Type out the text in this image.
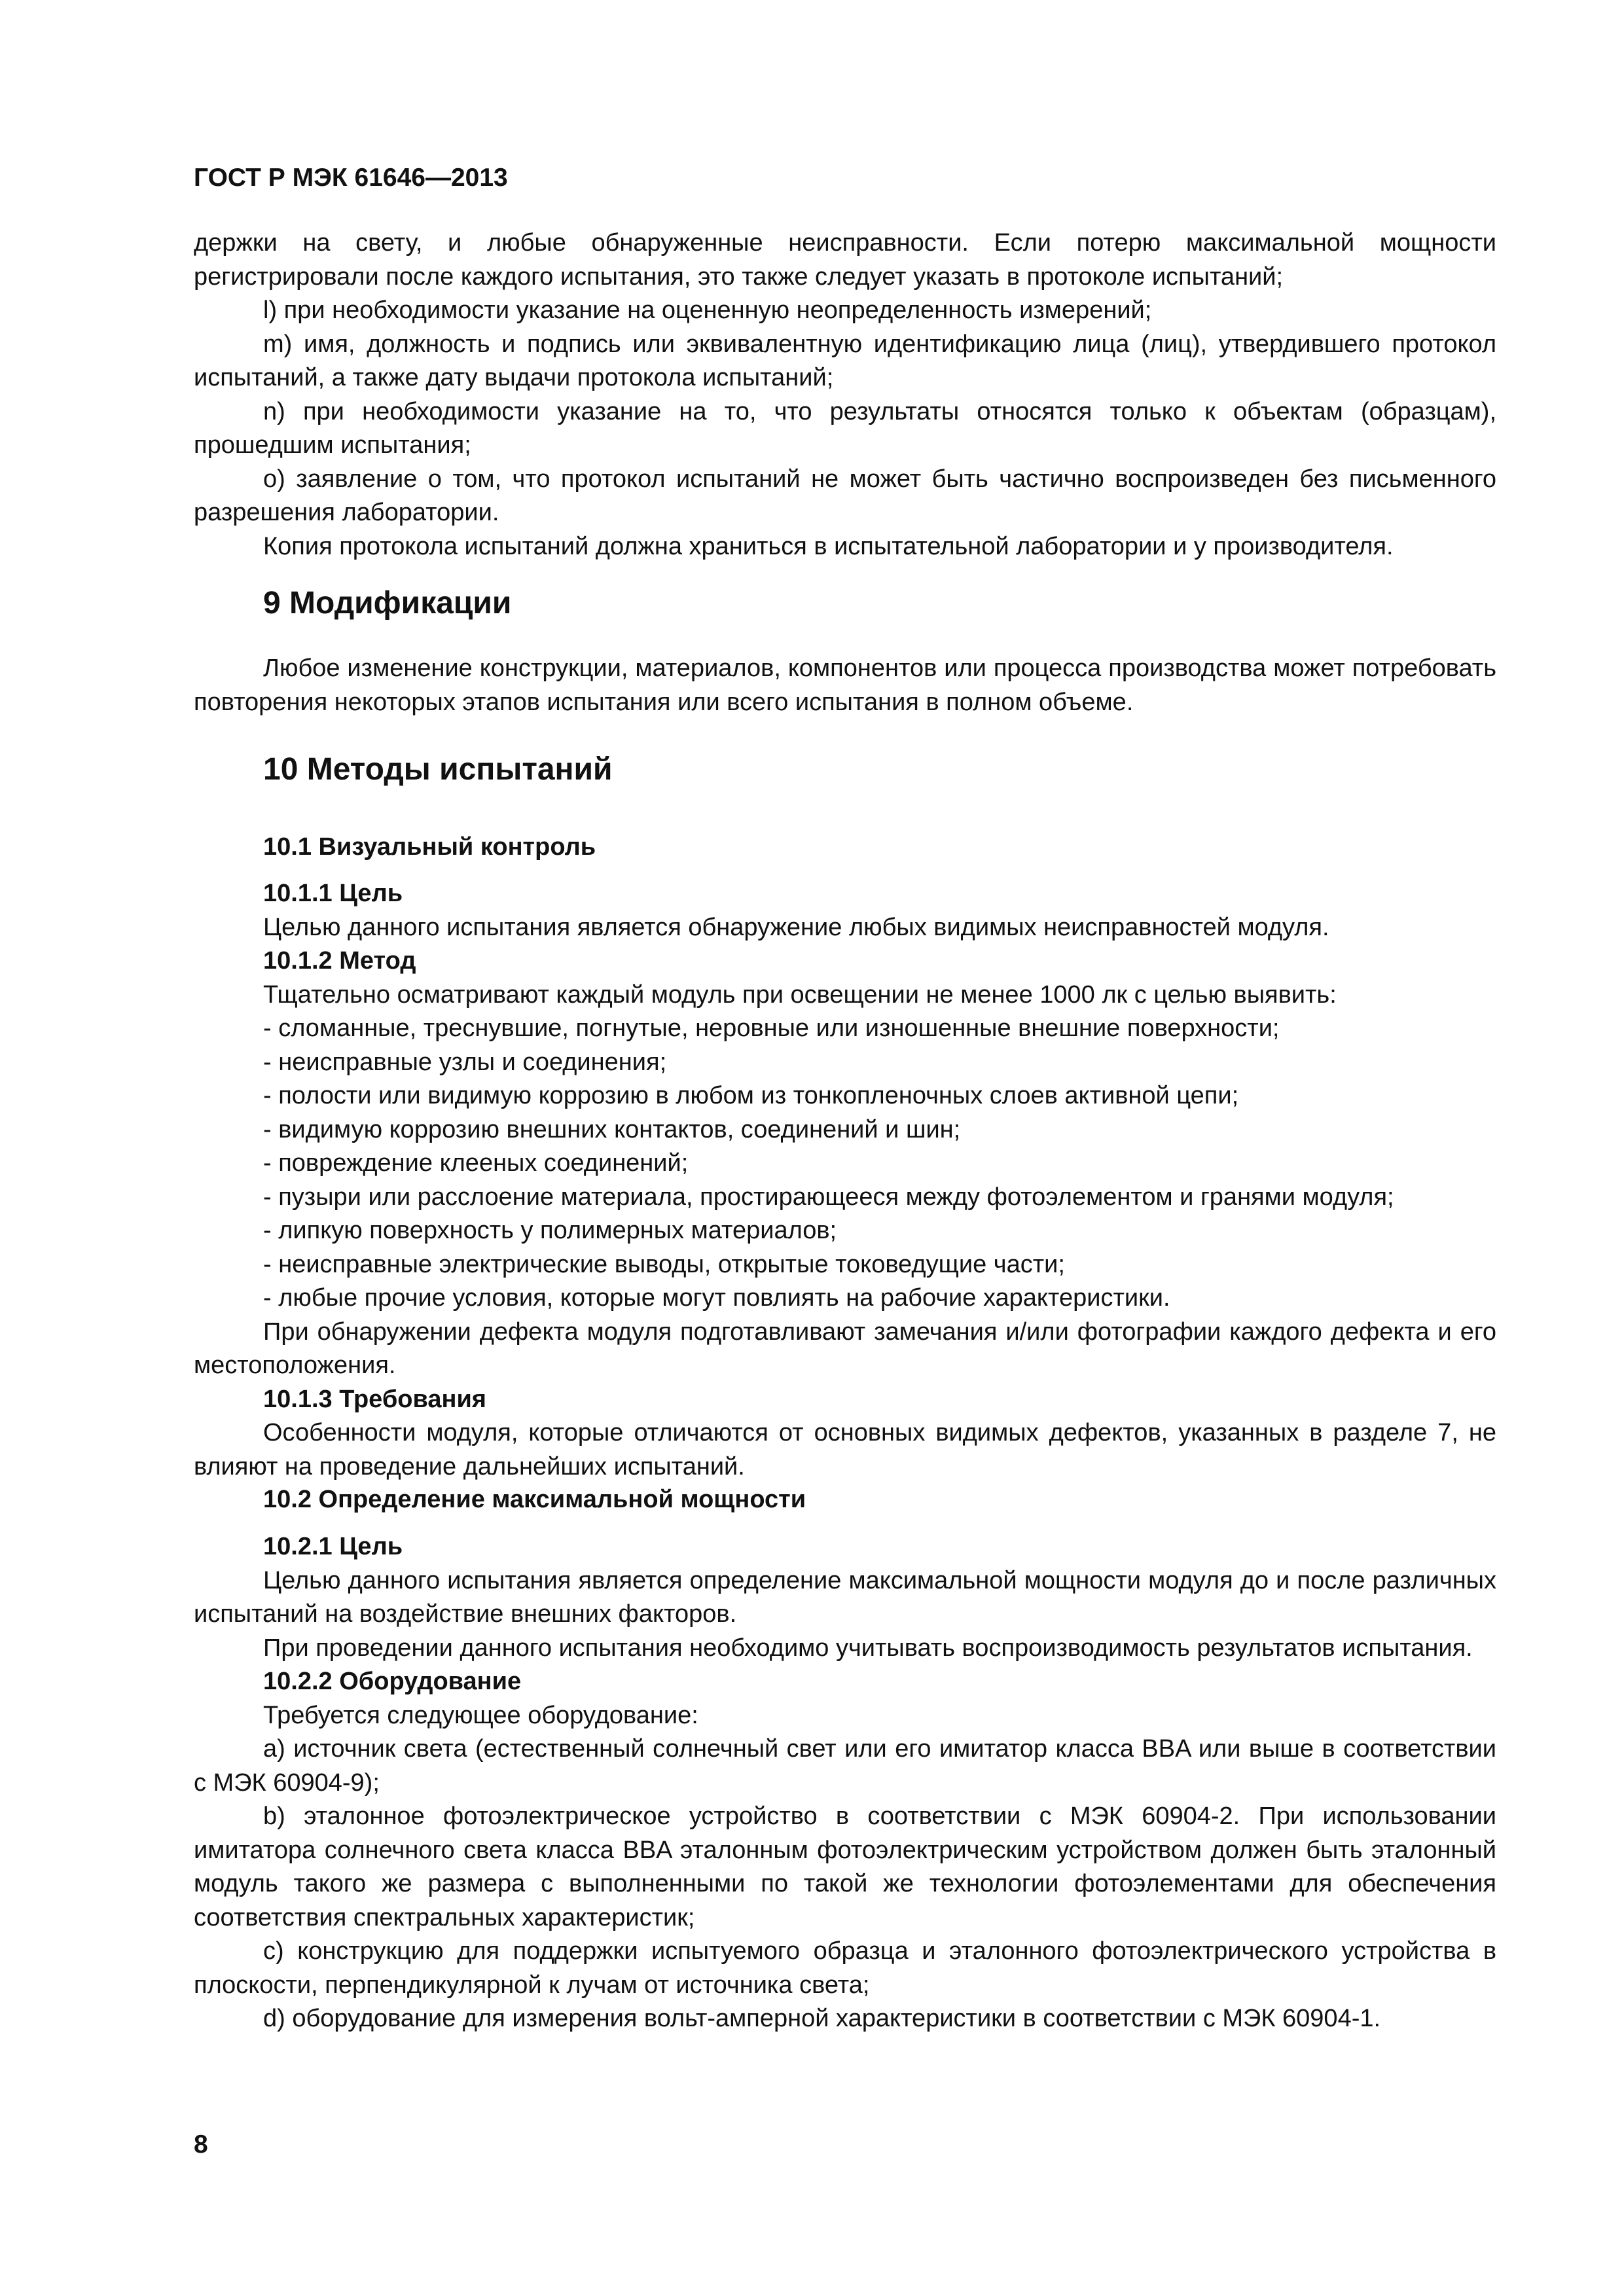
ГОСТ Р МЭК 61646—2013

держки на свету, и любые обнаруженные неисправности. Если потерю максимальной мощности регистрировали после каждого испытания, это также следует указать в протоколе испытаний;

l) при необходимости указание на оцененную неопределенность измерений;

m) имя, должность и подпись или эквивалентную идентификацию лица (лиц), утвердившего протокол испытаний, а также дату выдачи протокола испытаний;

n) при необходимости указание на то, что результаты относятся только к объектам (образцам), прошедшим испытания;

o) заявление о том, что протокол испытаний не может быть частично воспроизведен без письменного разрешения лаборатории.

Копия протокола испытаний должна храниться в испытательной лаборатории и у производителя.

9 Модификации

Любое изменение конструкции, материалов, компонентов или процесса производства может потребовать повторения некоторых этапов испытания или всего испытания в полном объеме.

10 Методы испытаний

10.1 Визуальный контроль

10.1.1 Цель

Целью данного испытания является обнаружение любых видимых неисправностей модуля.

10.1.2 Метод

Тщательно осматривают каждый модуль при освещении не менее 1000 лк с целью выявить:

- сломанные, треснувшие, погнутые, неровные или изношенные внешние поверхности;

- неисправные узлы и соединения;

- полости или видимую коррозию в любом из тонкопленочных слоев активной цепи;

- видимую коррозию внешних контактов, соединений и шин;

- повреждение клееных соединений;

- пузыри или расслоение материала, простирающееся между фотоэлементом и гранями модуля;

- липкую поверхность у полимерных материалов;

- неисправные электрические выводы, открытые токоведущие части;

- любые прочие условия, которые могут повлиять на рабочие характеристики.

При обнаружении дефекта модуля подготавливают замечания и/или фотографии каждого дефекта и его местоположения.

10.1.3 Требования

Особенности модуля, которые отличаются от основных видимых дефектов, указанных в разделе 7, не влияют на проведение дальнейших испытаний.

10.2 Определение максимальной мощности

10.2.1 Цель

Целью данного испытания является определение максимальной мощности модуля до и после различных испытаний на воздействие внешних факторов.

При проведении данного испытания необходимо учитывать воспроизводимость результатов испытания.

10.2.2 Оборудование

Требуется следующее оборудование:

a) источник света (естественный солнечный свет или его имитатор класса BBA или выше в соответствии с МЭК 60904-9);

b) эталонное фотоэлектрическое устройство в соответствии с МЭК 60904-2. При использовании имитатора солнечного света класса BBA эталонным фотоэлектрическим устройством должен быть эталонный модуль такого же размера с выполненными по такой же технологии фотоэлементами для обеспечения соответствия спектральных характеристик;

c) конструкцию для поддержки испытуемого образца и эталонного фотоэлектрического устройства в плоскости, перпендикулярной к лучам от источника света;

d) оборудование для измерения вольт-амперной характеристики в соответствии с МЭК 60904-1.

8
